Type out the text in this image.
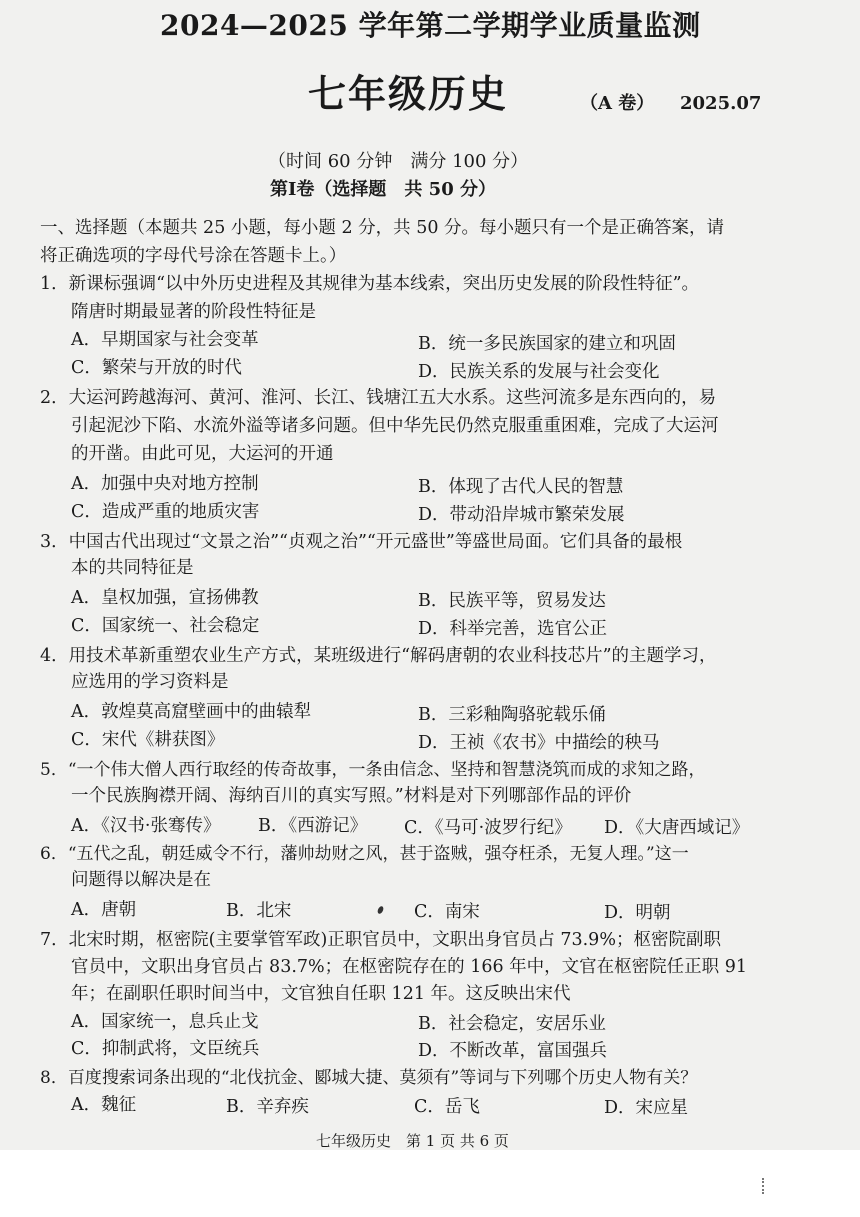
2024—2025 学年第二学期学业质量监测
七年级历史	（A 卷） 2025.07
（时间 60 分钟　满分 100 分）
第Ⅰ卷（选择题　共 50 分）
一、选择题（本题共 25 小题，每小题 2 分，共 50 分。每小题只有一个是正确答案，请
将正确选项的字母代号涂在答题卡上。）
1．新课标强调“以中外历史进程及其规律为基本线索，突出历史发展的阶段性特征”。
隋唐时期最显著的阶段性特征是
A．早期国家与社会变革	B．统一多民族国家的建立和巩固
C．繁荣与开放的时代	D．民族关系的发展与社会变化
2．大运河跨越海河、黄河、淮河、长江、钱塘江五大水系。这些河流多是东西向的，易
引起泥沙下陷、水流外溢等诸多问题。但中华先民仍然克服重重困难，完成了大运河
的开凿。由此可见，大运河的开通
A．加强中央对地方控制	B．体现了古代人民的智慧
C．造成严重的地质灾害	D．带动沿岸城市繁荣发展
3．中国古代出现过“文景之治”“贞观之治”“开元盛世”等盛世局面。它们具备的最根
本的共同特征是
A．皇权加强，宣扬佛教	B．民族平等，贸易发达
C．国家统一、社会稳定	D．科举完善，选官公正
4．用技术革新重塑农业生产方式，某班级进行“解码唐朝的农业科技芯片”的主题学习，
应选用的学习资料是
A．敦煌莫高窟壁画中的曲辕犁	B．三彩釉陶骆驼载乐俑
C．宋代《耕获图》	D．王祯《农书》中描绘的秧马
5．“一个伟大僧人西行取经的传奇故事，一条由信念、坚持和智慧浇筑而成的求知之路，
一个民族胸襟开阔、海纳百川的真实写照。”材料是对下列哪部作品的评价
A．《汉书·张骞传》 B．《西游记》 C．《马可·波罗行纪》 D．《大唐西域记》
6．“五代之乱，朝廷威令不行，藩帅劫财之风，甚于盗贼，强夺枉杀，无复人理。”这一
问题得以解决是在
A．唐朝	B．北宋	C．南宋	D．明朝
7．北宋时期，枢密院(主要掌管军政)正职官员中，文职出身官员占 73.9%；枢密院副职
官员中，文职出身官员占 83.7%；在枢密院存在的 166 年中，文官在枢密院任正职 91
年；在副职任职时间当中，文官独自任职 121 年。这反映出宋代
A．国家统一，息兵止戈	B．社会稳定，安居乐业
C．抑制武将，文臣统兵	D．不断改革，富国强兵
8．百度搜索词条出现的“北伐抗金、郾城大捷、莫须有”等词与下列哪个历史人物有关？
A．魏征	B．辛弃疾	C．岳飞	D．宋应星
七年级历史　第 1 页 共 6 页
